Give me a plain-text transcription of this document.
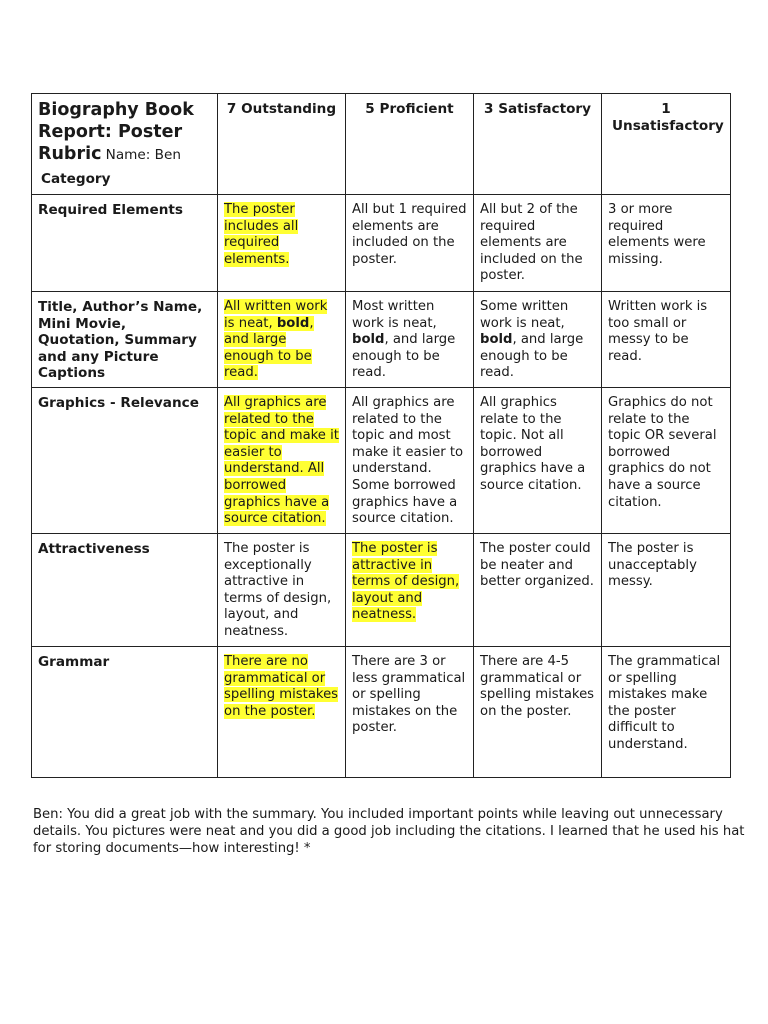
Biography Book
Report: Poster
Rubric Name: Ben
Category	7 Outstanding	5 Proficient	3 Satisfactory	1 Unsatisfactory
Required Elements	The poster includes all required elements.	All but 1 required elements are included on the poster.	All but 2 of the required elements are included on the poster.	3 or more required elements were missing.
Title, Author’s Name, Mini Movie, Quotation, Summary and any Picture Captions	All written work is neat, bold, and large enough to be read.	Most written work is neat, bold, and large enough to be read.	Some written work is neat, bold, and large enough to be read.	Written work is too small or messy to be read.
Graphics - Relevance	All graphics are related to the topic and make it easier to understand. All borrowed graphics have a source citation.	All graphics are related to the topic and most make it easier to understand. Some borrowed graphics have a source citation.	All graphics relate to the topic. Not all borrowed graphics have a source citation.	Graphics do not relate to the topic OR several borrowed graphics do not have a source citation.
Attractiveness	The poster is exceptionally attractive in terms of design, layout, and neatness.	The poster is attractive in terms of design, layout and neatness.	The poster could be neater and better organized.	The poster is unacceptably messy.
Grammar	There are no grammatical or spelling mistakes on the poster.	There are 3 or less grammatical or spelling mistakes on the poster.	There are 4-5 grammatical or spelling mistakes on the poster.	The grammatical or spelling mistakes make the poster difficult to understand.

Ben: You did a great job with the summary. You included important points while leaving out unnecessary details. You pictures were neat and you did a good job including the citations. I learned that he used his hat for storing documents—how interesting! *
